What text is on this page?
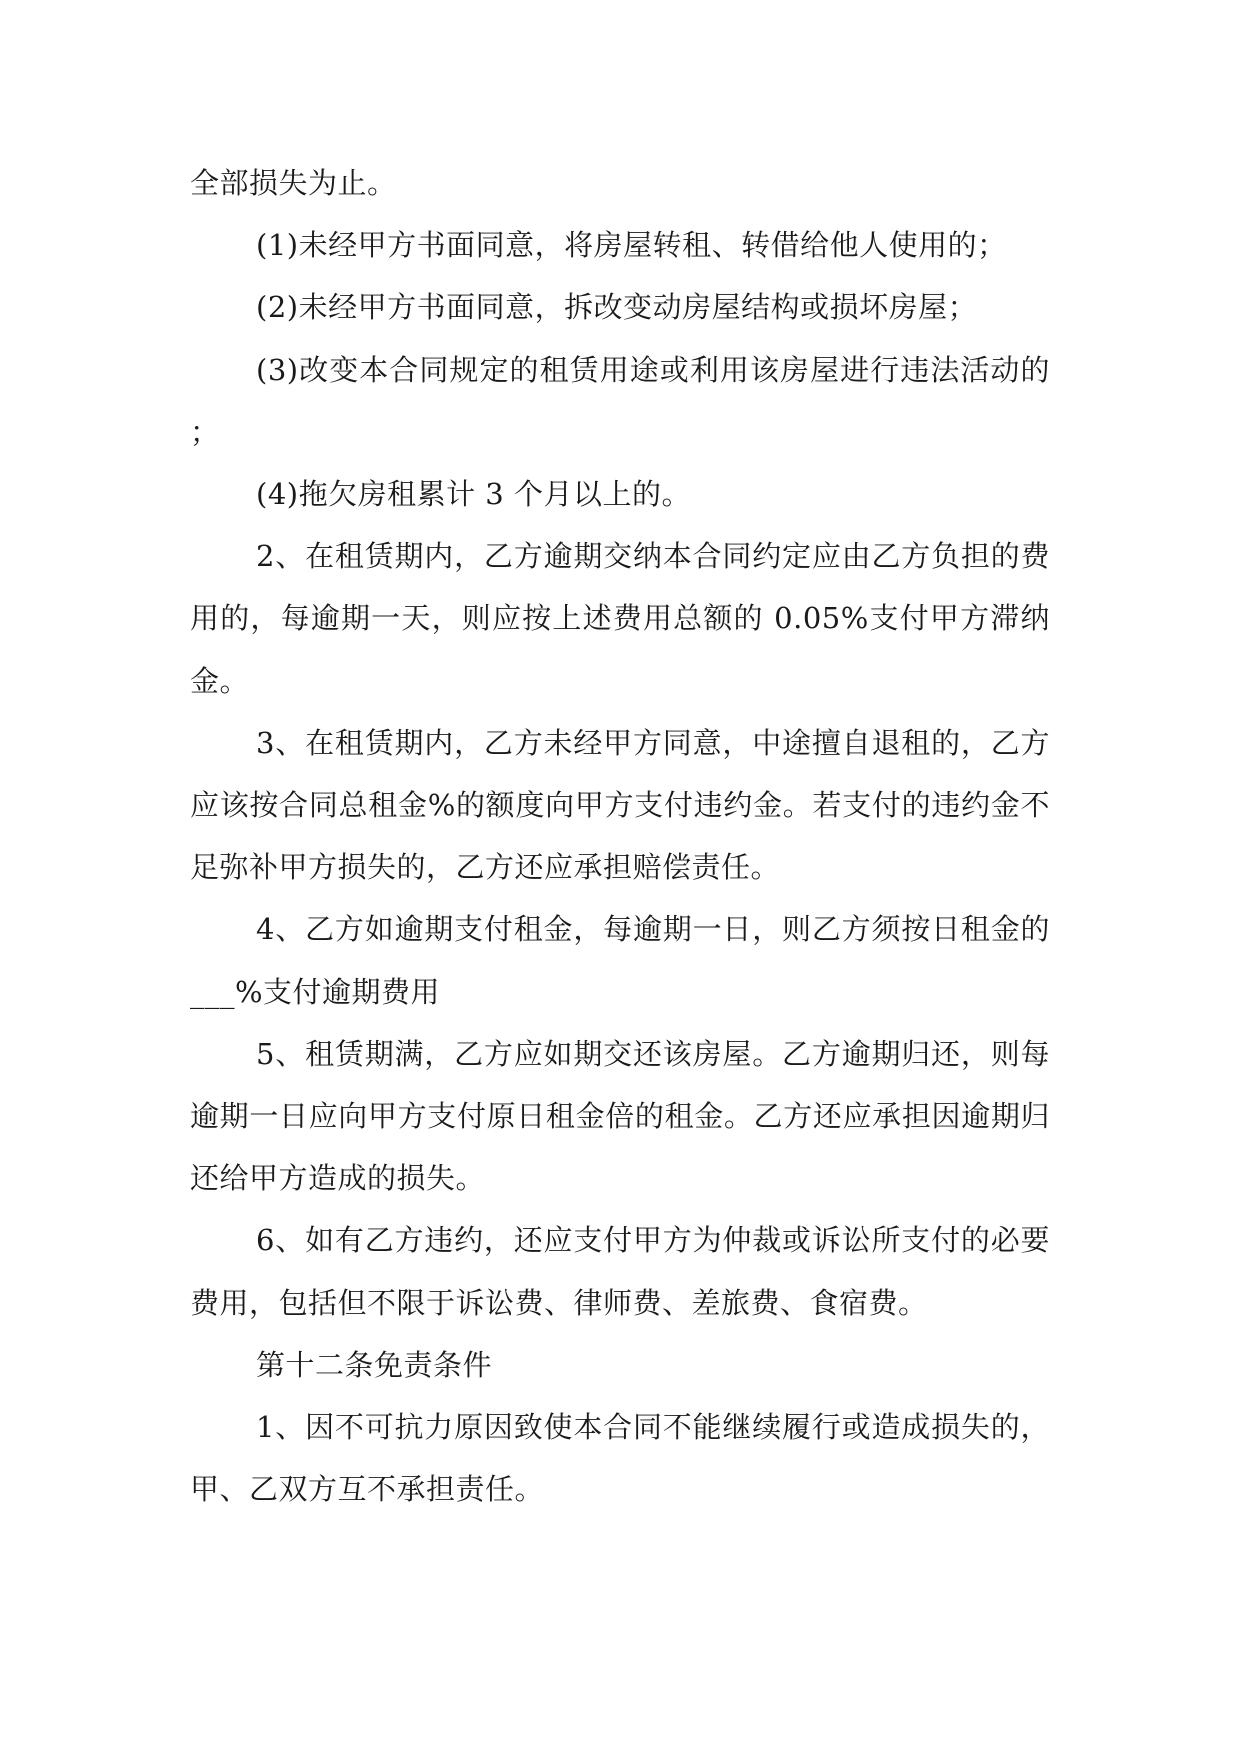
全部损失为止。

(1)未经甲方书面同意，将房屋转租、转借给他人使用的；

(2)未经甲方书面同意，拆改变动房屋结构或损坏房屋；

(3)改变本合同规定的租赁用途或利用该房屋进行违法活动的；

(4)拖欠房租累计 3 个月以上的。

2、在租赁期内，乙方逾期交纳本合同约定应由乙方负担的费用的，每逾期一天，则应按上述费用总额的 0.05%支付甲方滞纳金。

3、在租赁期内，乙方未经甲方同意，中途擅自退租的，乙方应该按合同总租金%的额度向甲方支付违约金。若支付的违约金不足弥补甲方损失的，乙方还应承担赔偿责任。

4、乙方如逾期支付租金，每逾期一日，则乙方须按日租金的___%支付逾期费用

5、租赁期满，乙方应如期交还该房屋。乙方逾期归还，则每逾期一日应向甲方支付原日租金倍的租金。乙方还应承担因逾期归还给甲方造成的损失。

6、如有乙方违约，还应支付甲方为仲裁或诉讼所支付的必要费用，包括但不限于诉讼费、律师费、差旅费、食宿费。

第十二条免责条件

1、因不可抗力原因致使本合同不能继续履行或造成损失的，甲、乙双方互不承担责任。
